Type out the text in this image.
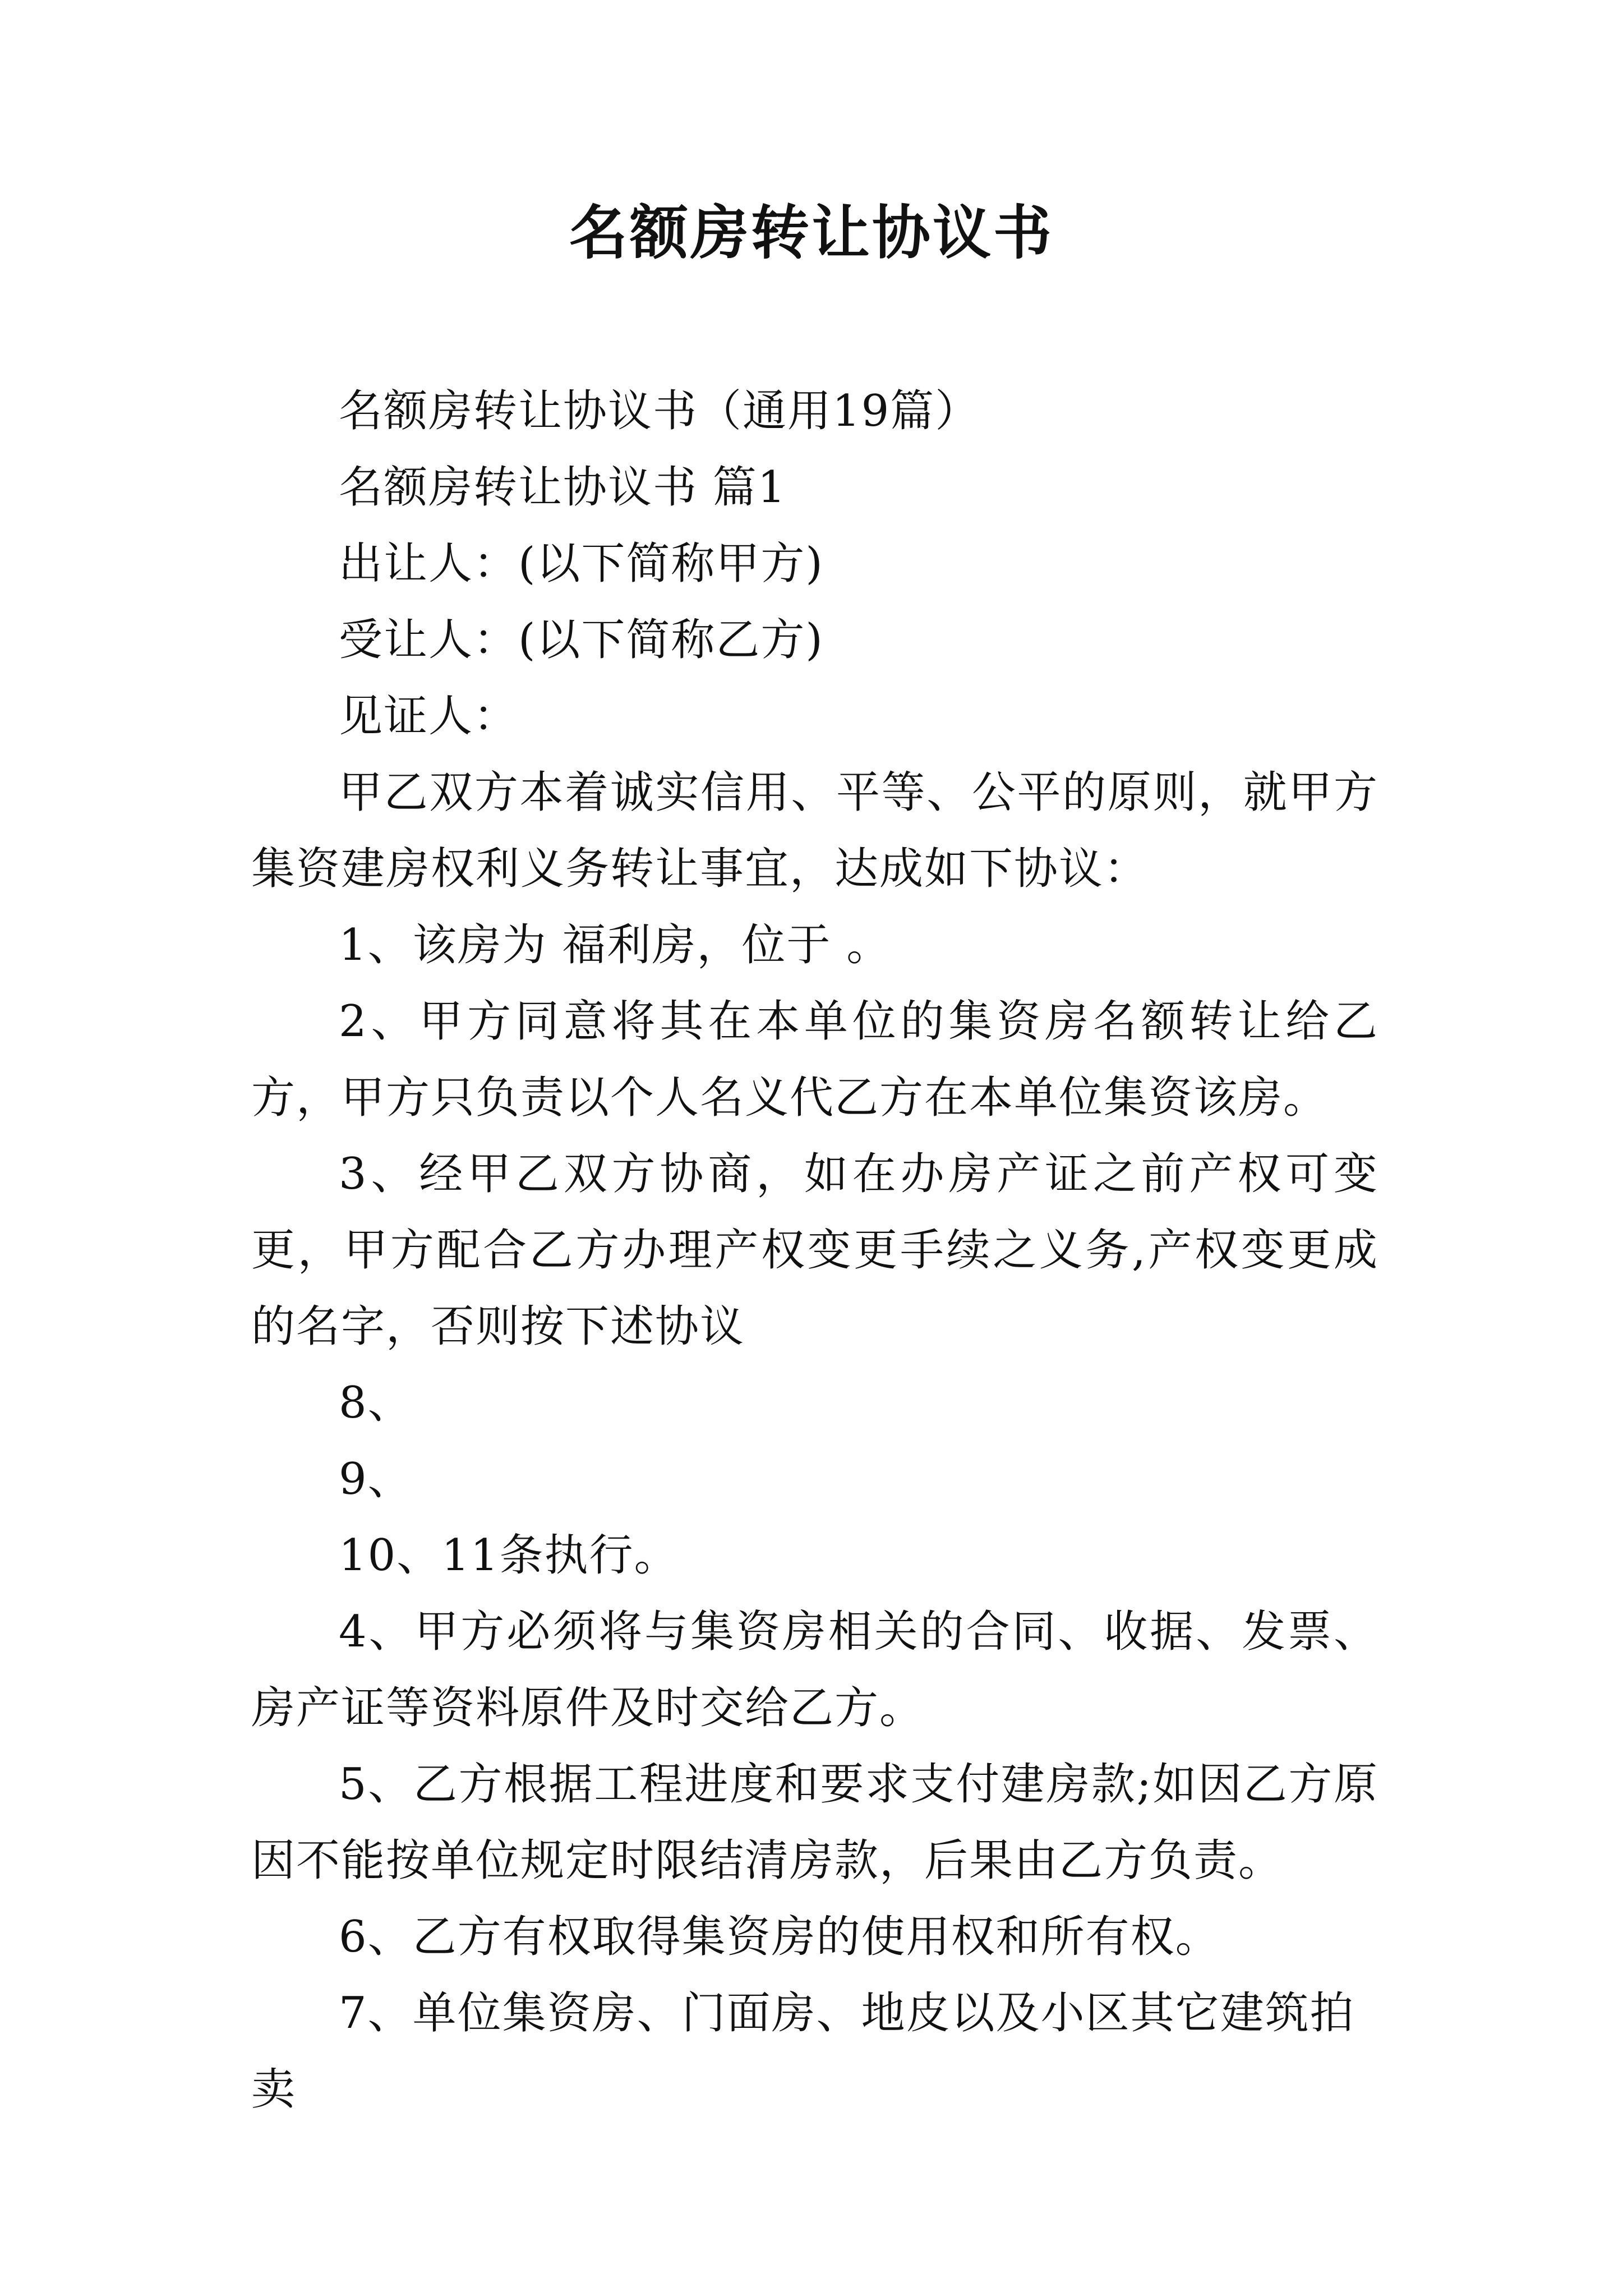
名额房转让协议书

名额房转让协议书（通用19篇）

名额房转让协议书 篇1

出让人：(以下简称甲方)

受让人：(以下简称乙方)

见证人：

甲乙双方本着诚实信用、平等、公平的原则，就甲方集资建房权利义务转让事宜，达成如下协议：

1、该房为 福利房，位于 。

2、甲方同意将其在本单位的集资房名额转让给乙方，甲方只负责以个人名义代乙方在本单位集资该房。

3、经甲乙双方协商，如在办房产证之前产权可变更，甲方配合乙方办理产权变更手续之义务,产权变更成的名字，否则按下述协议

8、

9、

10、11条执行。

4、甲方必须将与集资房相关的合同、收据、发票、房产证等资料原件及时交给乙方。

5、乙方根据工程进度和要求支付建房款;如因乙方原因不能按单位规定时限结清房款，后果由乙方负责。

6、乙方有权取得集资房的使用权和所有权。

7、单位集资房、门面房、地皮以及小区其它建筑拍卖
